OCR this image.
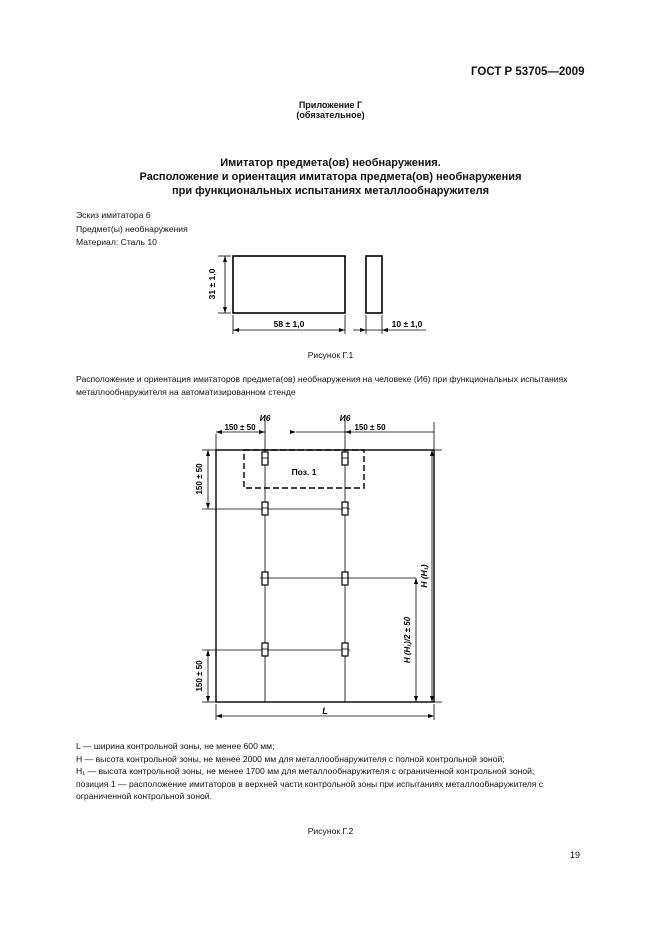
ГОСТ Р 53705—2009
Приложение Г
(обязательное)
Имитатор предмета(ов) необнаружения.
Расположение и ориентация имитатора предмета(ов) необнаружения
при функциональных испытаниях металлообнаружителя
Эскиз имитатора 6
Предмет(ы) необнаружения
Материал: Сталь 10
31 ± 1,0
58 ± 1,0	10 ± 1,0
Рисунок Г.1
Расположение и ориентация имитаторов предмета(ов) необнаружения на человеке (И6) при функциональных испытаниях металлообнаружителя на автоматизированном стенде
И6	И6
150 ± 50	150 ± 50
Поз. 1
150 ± 50
150 ± 50
H (H₁)/2 ± 50
H (H₁)
L
L — ширина контрольной зоны, не менее 600 мм;
H — высота контрольной зоны, не менее 2000 мм для металлообнаружителя с полной контрольной зоной;
H₁ — высота контрольной зоны, не менее 1700 мм для металлообнаружителя с ограниченной контрольной зоной;
позиция 1 — расположение имитаторов в верхней части контрольной зоны при испытаниях металлообнаружителя с ограниченной контрольной зоной.
Рисунок Г.2
19
